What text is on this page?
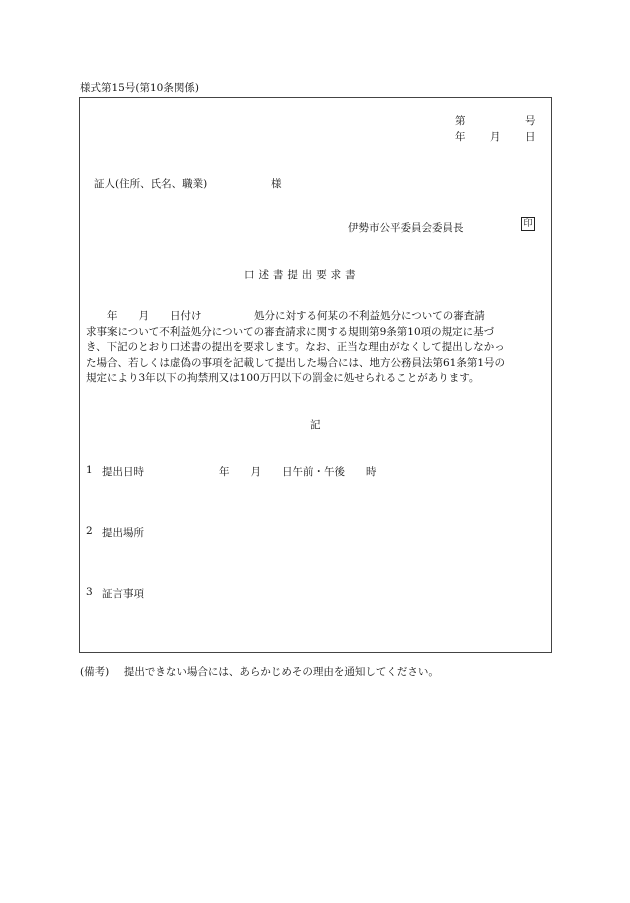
様式第15号(第10条関係)
第	号
年 月 日
証人(住所、氏名、職業)	様
伊勢市公平委員会委員長	印
口 述 書 提 出 要 求 書
　　年　　月　　日付け　　　　　処分に対する何某の不利益処分についての審査請
求事案について不利益処分についての審査請求に関する規則第9条第10項の規定に基づ
き、下記のとおり口述書の提出を要求します。なお、正当な理由がなくして提出しなかっ
た場合、若しくは虚偽の事項を記載して提出した場合には、地方公務員法第61条第1号の
規定により3年以下の拘禁刑又は100万円以下の罰金に処せられることがあります。
記
1 提出日時	年　　月　　日午前・午後　　時
2 提出場所
3 証言事項
(備考) 提出できない場合には、あらかじめその理由を通知してください。
